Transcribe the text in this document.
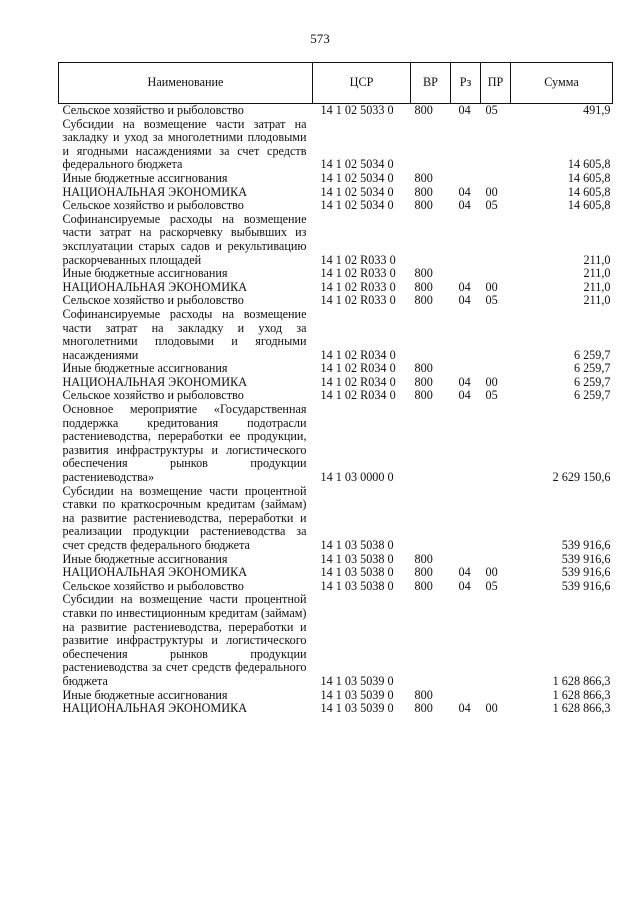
573
Наименование	ЦСР	ВР	Рз	ПР	Сумма
Сельское хозяйство и рыболовство	14 1 02 5033 0	800	04	05	491,9
Субсидии на возмещение части затрат на закладку и уход за многолетними плодовыми и ягодными насаждениями за счет средств федерального бюджета	14 1 02 5034 0				14 605,8
Иные бюджетные ассигнования	14 1 02 5034 0	800			14 605,8
НАЦИОНАЛЬНАЯ ЭКОНОМИКА	14 1 02 5034 0	800	04	00	14 605,8
Сельское хозяйство и рыболовство	14 1 02 5034 0	800	04	05	14 605,8
Софинансируемые расходы на возмещение части затрат на раскорчевку выбывших из эксплуатации старых садов и рекультивацию раскорчеванных площадей	14 1 02 R033 0				211,0
Иные бюджетные ассигнования	14 1 02 R033 0	800			211,0
НАЦИОНАЛЬНАЯ ЭКОНОМИКА	14 1 02 R033 0	800	04	00	211,0
Сельское хозяйство и рыболовство	14 1 02 R033 0	800	04	05	211,0
Софинансируемые расходы на возмещение части затрат на закладку и уход за многолетними плодовыми и ягодными насаждениями	14 1 02 R034 0				6 259,7
Иные бюджетные ассигнования	14 1 02 R034 0	800			6 259,7
НАЦИОНАЛЬНАЯ ЭКОНОМИКА	14 1 02 R034 0	800	04	00	6 259,7
Сельское хозяйство и рыболовство	14 1 02 R034 0	800	04	05	6 259,7
Основное мероприятие «Государственная поддержка кредитования подотрасли растениеводства, переработки ее продукции, развития инфраструктуры и логистического обеспечения рынков продукции растениеводства»	14 1 03 0000 0				2 629 150,6
Субсидии на возмещение части процентной ставки по краткосрочным кредитам (займам) на развитие растениеводства, переработки и реализации продукции растениеводства за счет средств федерального бюджета	14 1 03 5038 0				539 916,6
Иные бюджетные ассигнования	14 1 03 5038 0	800			539 916,6
НАЦИОНАЛЬНАЯ ЭКОНОМИКА	14 1 03 5038 0	800	04	00	539 916,6
Сельское хозяйство и рыболовство	14 1 03 5038 0	800	04	05	539 916,6
Субсидии на возмещение части процентной ставки по инвестиционным кредитам (займам) на развитие растениеводства, переработки и развитие инфраструктуры и логистического обеспечения рынков продукции растениеводства за счет средств федерального бюджета	14 1 03 5039 0				1 628 866,3
Иные бюджетные ассигнования	14 1 03 5039 0	800			1 628 866,3
НАЦИОНАЛЬНАЯ ЭКОНОМИКА	14 1 03 5039 0	800	04	00	1 628 866,3
